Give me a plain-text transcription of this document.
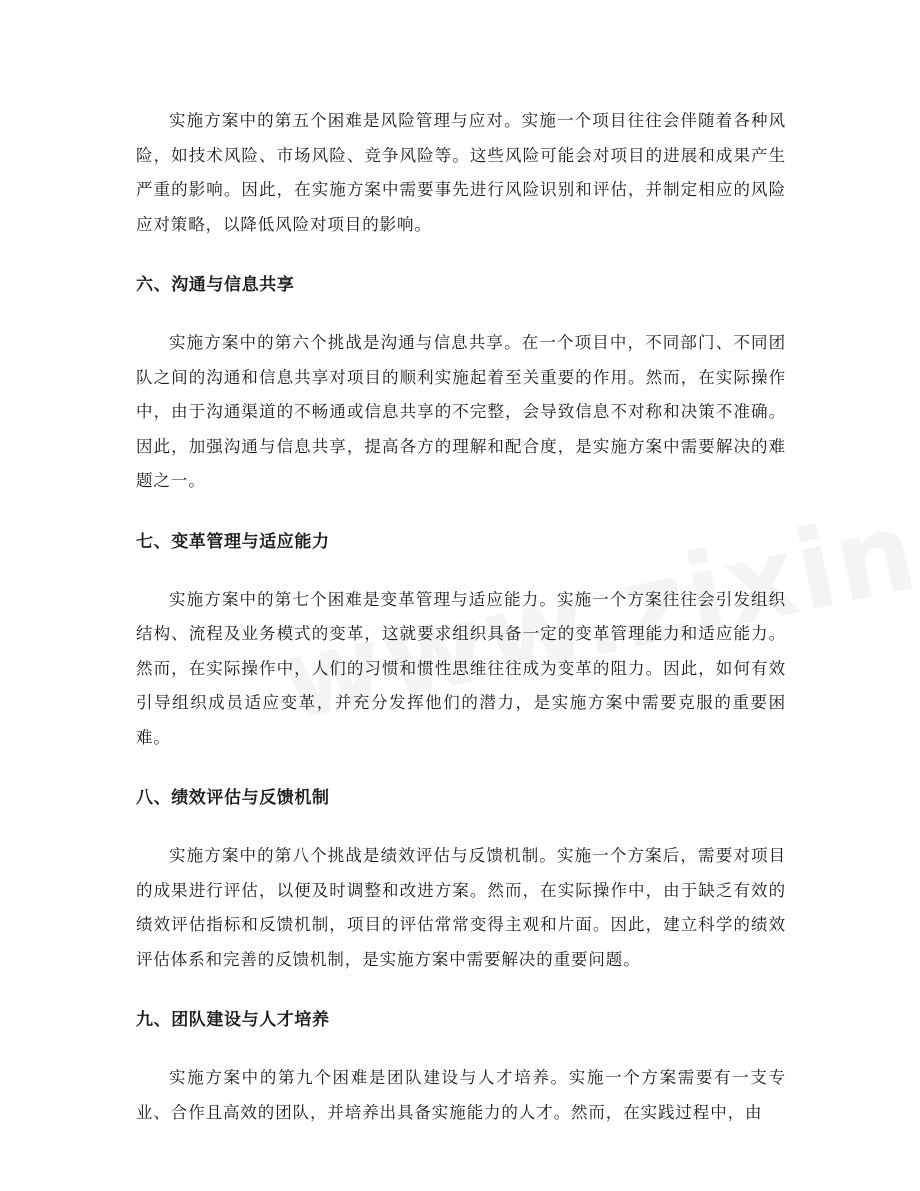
实施方案中的第五个困难是风险管理与应对。实施一个项目往往会伴随着各种风险，如技术风险、市场风险、竞争风险等。这些风险可能会对项目的进展和成果产生严重的影响。因此，在实施方案中需要事先进行风险识别和评估，并制定相应的风险应对策略，以降低风险对项目的影响。

六、沟通与信息共享

实施方案中的第六个挑战是沟通与信息共享。在一个项目中，不同部门、不同团队之间的沟通和信息共享对项目的顺利实施起着至关重要的作用。然而，在实际操作中，由于沟通渠道的不畅通或信息共享的不完整，会导致信息不对称和决策不准确。因此，加强沟通与信息共享，提高各方的理解和配合度，是实施方案中需要解决的难题之一。

七、变革管理与适应能力

实施方案中的第七个困难是变革管理与适应能力。实施一个方案往往会引发组织结构、流程及业务模式的变革，这就要求组织具备一定的变革管理能力和适应能力。然而，在实际操作中，人们的习惯和惯性思维往往成为变革的阻力。因此，如何有效引导组织成员适应变革，并充分发挥他们的潜力，是实施方案中需要克服的重要困难。

八、绩效评估与反馈机制

实施方案中的第八个挑战是绩效评估与反馈机制。实施一个方案后，需要对项目的成果进行评估，以便及时调整和改进方案。然而，在实际操作中，由于缺乏有效的绩效评估指标和反馈机制，项目的评估常常变得主观和片面。因此，建立科学的绩效评估体系和完善的反馈机制，是实施方案中需要解决的重要问题。

九、团队建设与人才培养

实施方案中的第九个困难是团队建设与人才培养。实施一个方案需要有一支专业、合作且高效的团队，并培养出具备实施能力的人才。然而，在实践过程中，由
